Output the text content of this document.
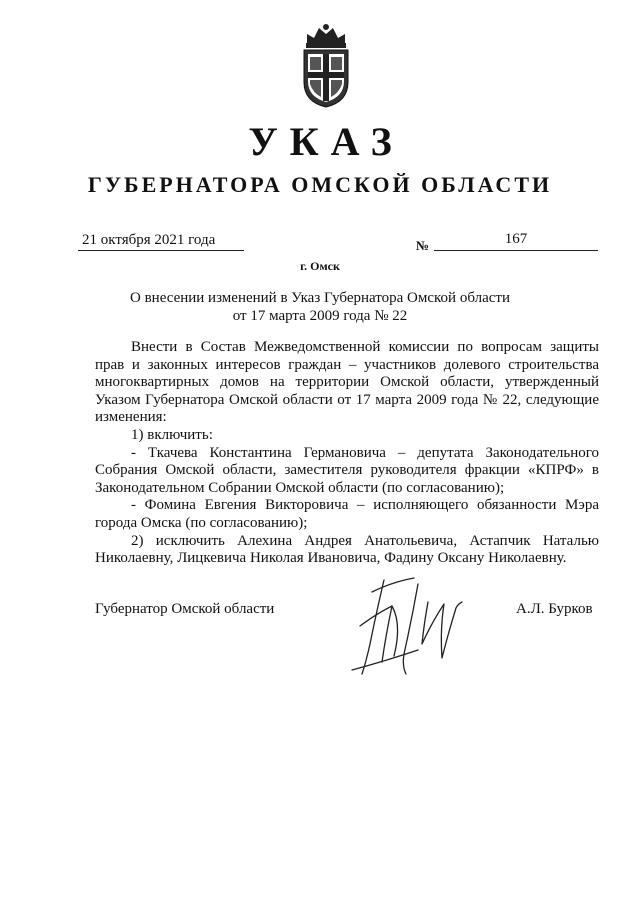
УКАЗ
ГУБЕРНАТОРА ОМСКОЙ ОБЛАСТИ
21 октября 2021 года	№	167
г. Омск
О внесении изменений в Указ Губернатора Омской области
от 17 марта 2009 года № 22

Внести в Состав Межведомственной комиссии по вопросам защиты прав и законных интересов граждан – участников долевого строительства многоквартирных домов на территории Омской области, утвержденный Указом Губернатора Омской области от 17 марта 2009 года № 22, следующие изменения:

1) включить:

- Ткачева Константина Германовича – депутата Законодательного Собрания Омской области, заместителя руководителя фракции «КПРФ» в Законодательном Собрании Омской области (по согласованию);

- Фомина Евгения Викторовича – исполняющего обязанности Мэра города Омска (по согласованию);

2) исключить Алехина Андрея Анатольевича, Астапчик Наталью Николаевну, Лицкевича Николая Ивановича, Фадину Оксану Николаевну.

Губернатор Омской области	А.Л. Бурков
